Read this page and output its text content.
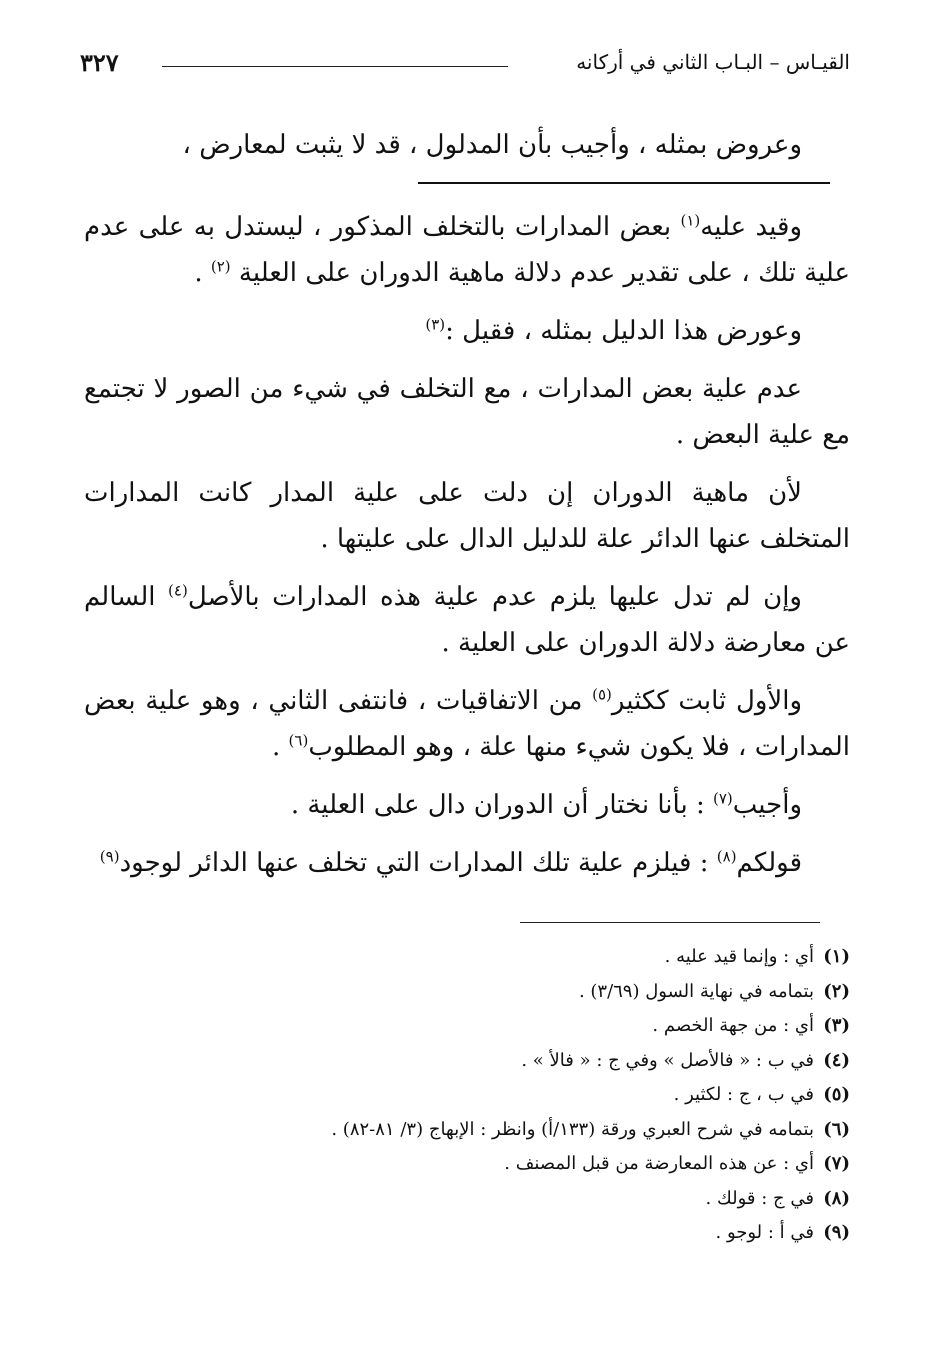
القيـاس – البـاب الثاني في أركانه
٣٢٧

وعروض بمثله ، وأجيب بأن المدلول ، قد لا يثبت لمعارض ،

وقيد عليه$^{(١)}$ بعض المدارات بالتخلف المذكور ، ليستدل به على عدم علية تلك ، على تقدير عدم دلالة ماهية الدوران على العلية $^{(٢)}$ .

وعورض هذا الدليل بمثله ، فقيل :$^{(٣)}$

عدم علية بعض المدارات ، مع التخلف في شيء من الصور لا تجتمع مع علية البعض .

لأن ماهية الدوران إن دلت على علية المدار كانت المدارات المتخلف عنها الدائر علة للدليل الدال على عليتها .

وإن لم تدل عليها يلزم عدم علية هذه المدارات بالأصل$^{(٤)}$ السالم عن معارضة دلالة الدوران على العلية .

والأول ثابت ككثير$^{(٥)}$ من الاتفاقيات ، فانتفى الثاني ، وهو علية بعض المدارات ، فلا يكون شيء منها علة ، وهو المطلوب$^{(٦)}$ .

وأجيب$^{(٧)}$ : بأنا نختار أن الدوران دال على العلية .

قولكم$^{(٨)}$ : فيلزم علية تلك المدارات التي تخلف عنها الدائر لوجود$^{(٩)}$

(١)أي : وإنما قيد عليه .
(٢)بتمامه في نهاية السول (٣/٦٩) .
(٣)أي : من جهة الخصم .
(٤)في ب : « فالأصل » وفي ج : « فالأ » .
(٥)في ب ، ج : لكثير .
(٦)بتمامه في شرح العبري ورقة (١٣٣/أ) وانظر : الإبهاج (٣/ ٨١-٨٢) .
(٧)أي : عن هذه المعارضة من قبل المصنف .
(٨)في ج : قولك .
(٩)في أ : لوجو .
